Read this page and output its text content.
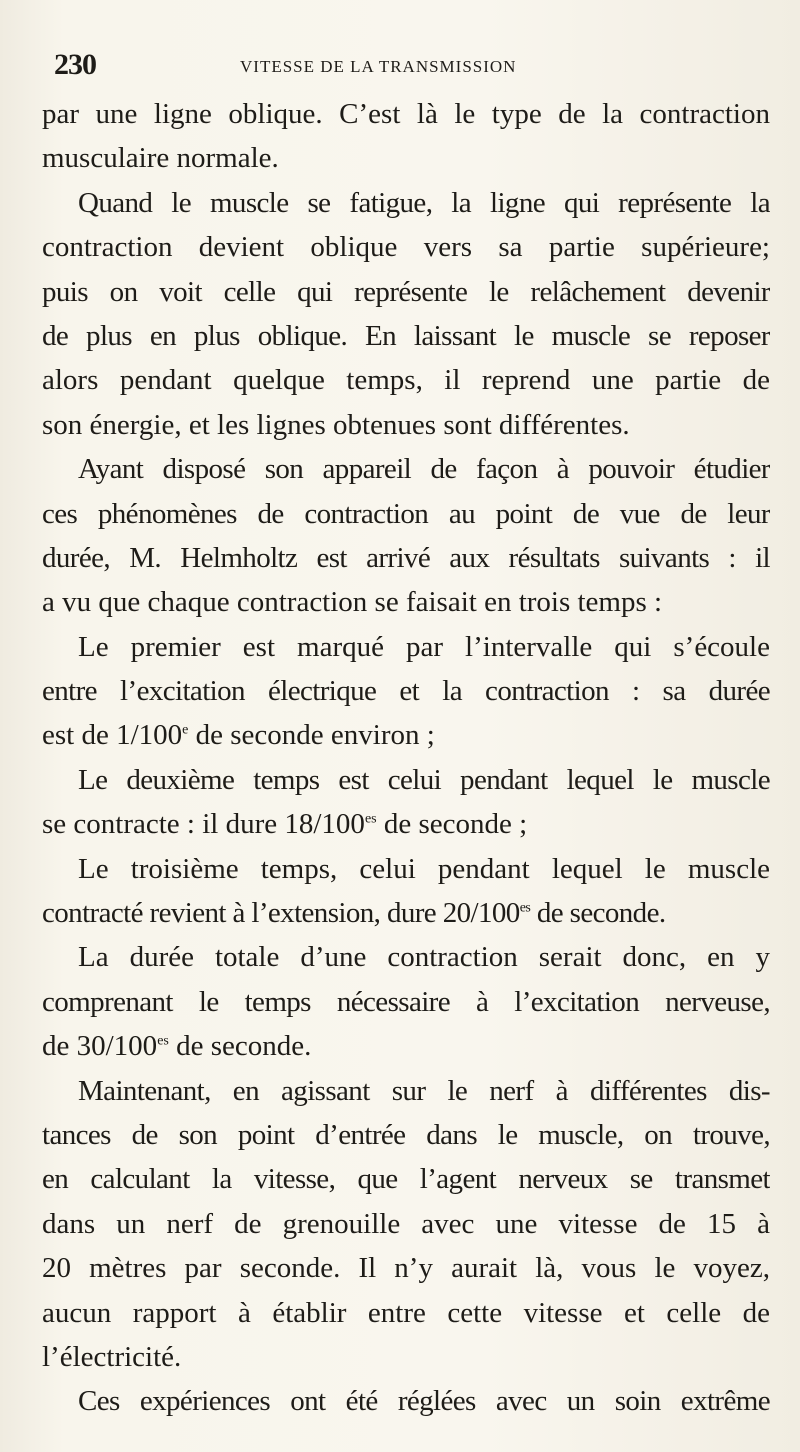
230	VITESSE DE LA TRANSMISSION
par une ligne oblique. C’est là le type de la contraction
musculaire normale.
Quand le muscle se fatigue, la ligne qui représente la
contraction devient oblique vers sa partie supérieure;
puis on voit celle qui représente le relâchement devenir
de plus en plus oblique. En laissant le muscle se reposer
alors pendant quelque temps, il reprend une partie de
son énergie, et les lignes obtenues sont différentes.
Ayant disposé son appareil de façon à pouvoir étudier
ces phénomènes de contraction au point de vue de leur
durée, M. Helmholtz est arrivé aux résultats suivants : il
a vu que chaque contraction se faisait en trois temps :
Le premier est marqué par l’intervalle qui s’écoule
entre l’excitation électrique et la contraction : sa durée
est de 1/100e de seconde environ ;
Le deuxième temps est celui pendant lequel le muscle
se contracte : il dure $18/100^{es}$ de seconde ;
Le troisième temps, celui pendant lequel le muscle
contracté revient à l’extension, dure $20/100^{es}$ de seconde.
La durée totale d’une contraction serait donc, en y
comprenant le temps nécessaire à l’excitation nerveuse,
de $30/100^{es}$ de seconde.
Maintenant, en agissant sur le nerf à différentes dis-
tances de son point d’entrée dans le muscle, on trouve,
en calculant la vitesse, que l’agent nerveux se transmet
dans un nerf de grenouille avec une vitesse de 15 à
20 mètres par seconde. Il n’y aurait là, vous le voyez,
aucun rapport à établir entre cette vitesse et celle de
l’électricité.
Ces expériences ont été réglées avec un soin extrême
